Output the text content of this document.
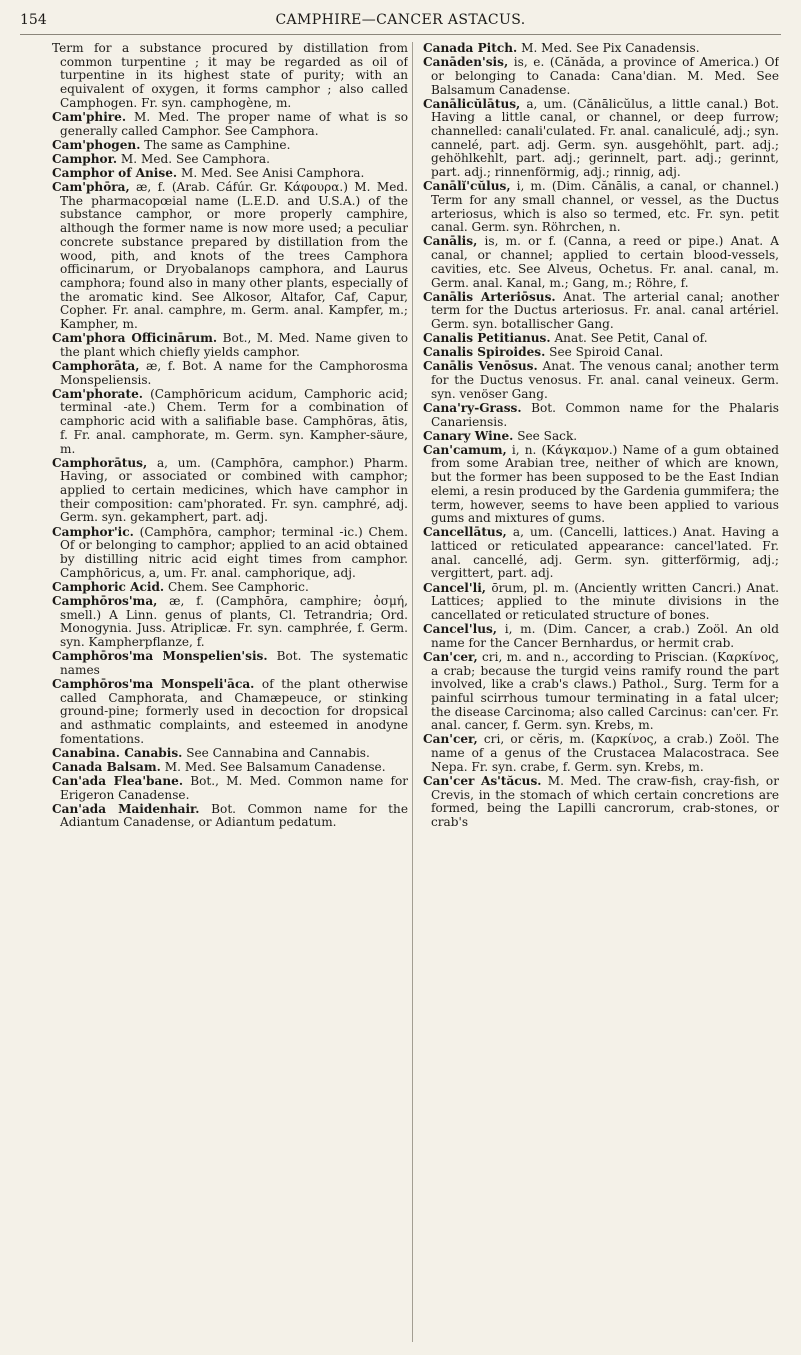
154	CAMPHIRE—CANCER ASTACUS.

Term for a substance procured by distillation from common turpentine ; it may be regarded as oil of turpentine in its highest state of purity; with an equivalent of oxygen, it forms camphor ; also called Camphogen. Fr. syn. camphogène, m.

Cam'phire. M. Med. The proper name of what is so generally called Camphor. See Camphora.

Cam'phogen. The same as Camphine.

Camphor. M. Med. See Camphora.

Camphor of Anise. M. Med. See Anisi Camphora.

Cam'phōra, æ, f. (Arab. Cáfúr. Gr. Κάφουρα.) M. Med. The pharmacopœial name (L.E.D. and U.S.A.) of the substance camphor, or more properly camphire, although the former name is now more used; a peculiar concrete substance prepared by distillation from the wood, pith, and knots of the trees Camphora officinarum, or Dryobalanops camphora, and Laurus camphora; found also in many other plants, especially of the aromatic kind. See Alkosor, Altafor, Caf, Capur, Copher. Fr. anal. camphre, m. Germ. anal. Kampfer, m.; Kampher, m.

Cam'phora Officinārum. Bot., M. Med. Name given to the plant which chiefly yields camphor.

Camphorāta, æ, f. Bot. A name for the Camphorosma Monspeliensis.

Cam'phorate. (Camphōricum acidum, Camphoric acid; terminal -ate.) Chem. Term for a combination of camphoric acid with a salifiable base. Camphōras, ātis, f. Fr. anal. camphorate, m. Germ. syn. Kampher-säure, m.

Camphorātus, a, um. (Camphōra, camphor.) Pharm. Having, or associated or combined with camphor; applied to certain medicines, which have camphor in their composition: cam'phorated. Fr. syn. camphré, adj. Germ. syn. gekamphert, part. adj.

Camphor'ic. (Camphōra, camphor; terminal -ic.) Chem. Of or belonging to camphor; applied to an acid obtained by distilling nitric acid eight times from camphor. Camphōricus, a, um. Fr. anal. camphorique, adj.

Camphoric Acid. Chem. See Camphoric.

Camphōros'ma, æ, f. (Camphōra, camphire; ὀσμή, smell.) A Linn. genus of plants, Cl. Tetrandria; Ord. Monogynia. Juss. Atriplicæ. Fr. syn. camphrée, f. Germ. syn. Kampherpflanze, f.

Camphōros'ma Monspelien'sis. Bot. The systematic names

Camphōros'ma Monspeli'āca. of the plant otherwise called Camphorata, and Chamæpeuce, or stinking ground-pine; formerly used in decoction for dropsical and asthmatic complaints, and esteemed in anodyne fomentations.

Canabina. Canabis. See Cannabina and Cannabis.

Canada Balsam. M. Med. See Balsamum Canadense.

Can'ada Flea'bane. Bot., M. Med. Common name for Erigeron Canadense.

Can'ada Maidenhair. Bot. Common name for the Adiantum Canadense, or Adiantum pedatum.

Canada Pitch. M. Med. See Pix Canadensis.

Canāden'sis, is, e. (Cănăda, a province of America.) Of or belonging to Canada: Cana'dian. M. Med. See Balsamum Canadense.

Canālicŭlātus, a, um. (Cănālicŭlus, a little canal.) Bot. Having a little canal, or channel, or deep furrow; channelled: canali'culated. Fr. anal. canaliculé, adj.; syn. cannelé, part. adj. Germ. syn. ausgehöhlt, part. adj.; gehöhlkehlt, part. adj.; gerinnelt, part. adj.; gerinnt, part. adj.; rinnenförmig, adj.; rinnig, adj.

Canālĭ'cŭlus, i, m. (Dim. Cănālis, a canal, or channel.) Term for any small channel, or vessel, as the Ductus arteriosus, which is also so termed, etc. Fr. syn. petit canal. Germ. syn. Röhrchen, n.

Canālis, is, m. or f. (Canna, a reed or pipe.) Anat. A canal, or channel; applied to certain blood-vessels, cavities, etc. See Alveus, Ochetus. Fr. anal. canal, m. Germ. anal. Kanal, m.; Gang, m.; Röhre, f.

Canālis Arteriōsus. Anat. The arterial canal; another term for the Ductus arteriosus. Fr. anal. canal artériel. Germ. syn. botallischer Gang.

Canalis Petitianus. Anat. See Petit, Canal of.

Canalis Spiroides. See Spiroid Canal.

Canālis Venōsus. Anat. The venous canal; another term for the Ductus venosus. Fr. anal. canal veineux. Germ. syn. venöser Gang.

Cana'ry-Grass. Bot. Common name for the Phalaris Canariensis.

Canary Wine. See Sack.

Can'camum, i, n. (Κάγκαμον.) Name of a gum obtained from some Arabian tree, neither of which are known, but the former has been supposed to be the East Indian elemi, a resin produced by the Gardenia gummifera; the term, however, seems to have been applied to various gums and mixtures of gums.

Cancellātus, a, um. (Cancelli, lattices.) Anat. Having a latticed or reticulated appearance: cancel'lated. Fr. anal. cancellé, adj. Germ. syn. gitterförmig, adj.; vergittert, part. adj.

Cancel'li, ōrum, pl. m. (Anciently written Cancri.) Anat. Lattices; applied to the minute divisions in the cancellated or reticulated structure of bones.

Cancel'lus, i, m. (Dim. Cancer, a crab.) Zoöl. An old name for the Cancer Bernhardus, or hermit crab.

Can'cer, cri, m. and n., according to Priscian. (Καρκίνος, a crab; because the turgid veins ramify round the part involved, like a crab's claws.) Pathol., Surg. Term for a painful scirrhous tumour terminating in a fatal ulcer; the disease Carcinoma; also called Carcinus: can'cer. Fr. anal. cancer, f. Germ. syn. Krebs, m.

Can'cer, cri, or cĕris, m. (Καρκίνος, a crab.) Zoöl. The name of a genus of the Crustacea Malacostraca. See Nepa. Fr. syn. crabe, f. Germ. syn. Krebs, m.

Can'cer As'tăcus. M. Med. The craw-fish, cray-fish, or Crevis, in the stomach of which certain concretions are formed, being the Lapilli cancrorum, crab-stones, or crab's
